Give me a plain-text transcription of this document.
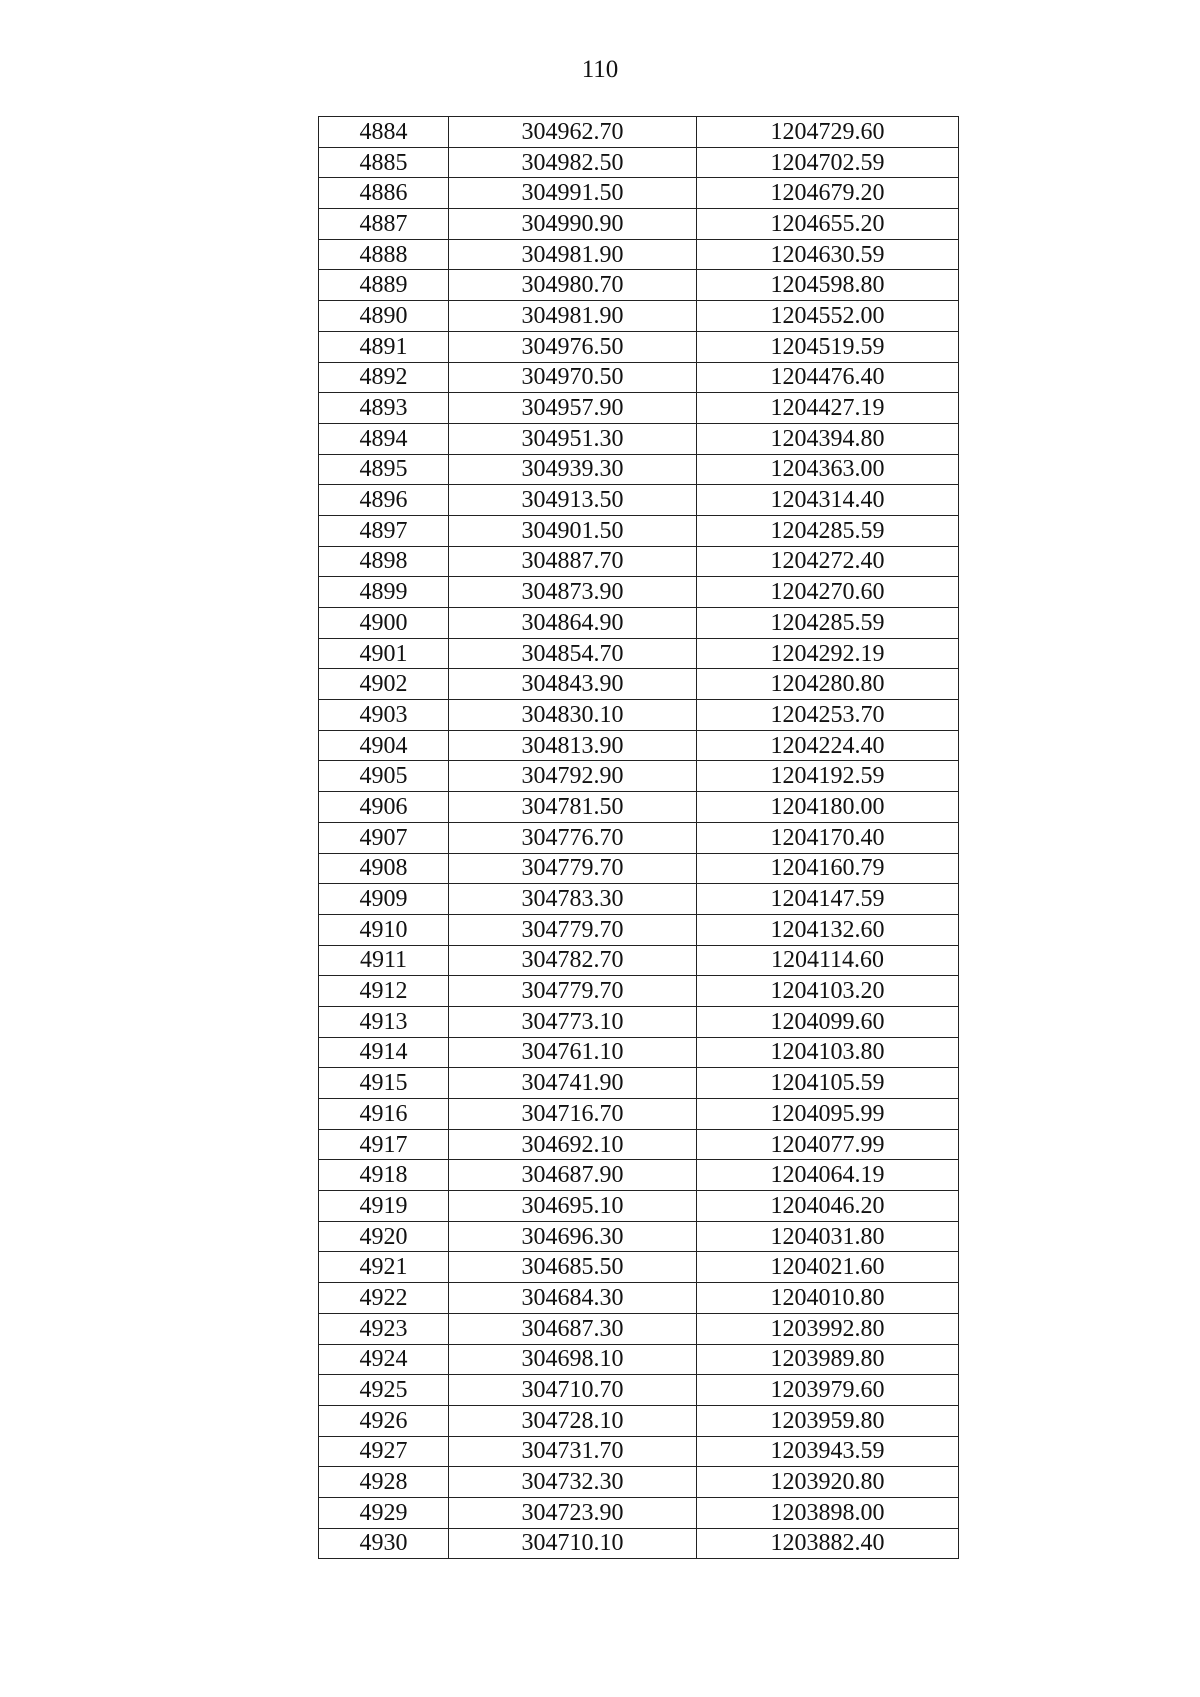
110
4884	304962.70	1204729.60
4885	304982.50	1204702.59
4886	304991.50	1204679.20
4887	304990.90	1204655.20
4888	304981.90	1204630.59
4889	304980.70	1204598.80
4890	304981.90	1204552.00
4891	304976.50	1204519.59
4892	304970.50	1204476.40
4893	304957.90	1204427.19
4894	304951.30	1204394.80
4895	304939.30	1204363.00
4896	304913.50	1204314.40
4897	304901.50	1204285.59
4898	304887.70	1204272.40
4899	304873.90	1204270.60
4900	304864.90	1204285.59
4901	304854.70	1204292.19
4902	304843.90	1204280.80
4903	304830.10	1204253.70
4904	304813.90	1204224.40
4905	304792.90	1204192.59
4906	304781.50	1204180.00
4907	304776.70	1204170.40
4908	304779.70	1204160.79
4909	304783.30	1204147.59
4910	304779.70	1204132.60
4911	304782.70	1204114.60
4912	304779.70	1204103.20
4913	304773.10	1204099.60
4914	304761.10	1204103.80
4915	304741.90	1204105.59
4916	304716.70	1204095.99
4917	304692.10	1204077.99
4918	304687.90	1204064.19
4919	304695.10	1204046.20
4920	304696.30	1204031.80
4921	304685.50	1204021.60
4922	304684.30	1204010.80
4923	304687.30	1203992.80
4924	304698.10	1203989.80
4925	304710.70	1203979.60
4926	304728.10	1203959.80
4927	304731.70	1203943.59
4928	304732.30	1203920.80
4929	304723.90	1203898.00
4930	304710.10	1203882.40
